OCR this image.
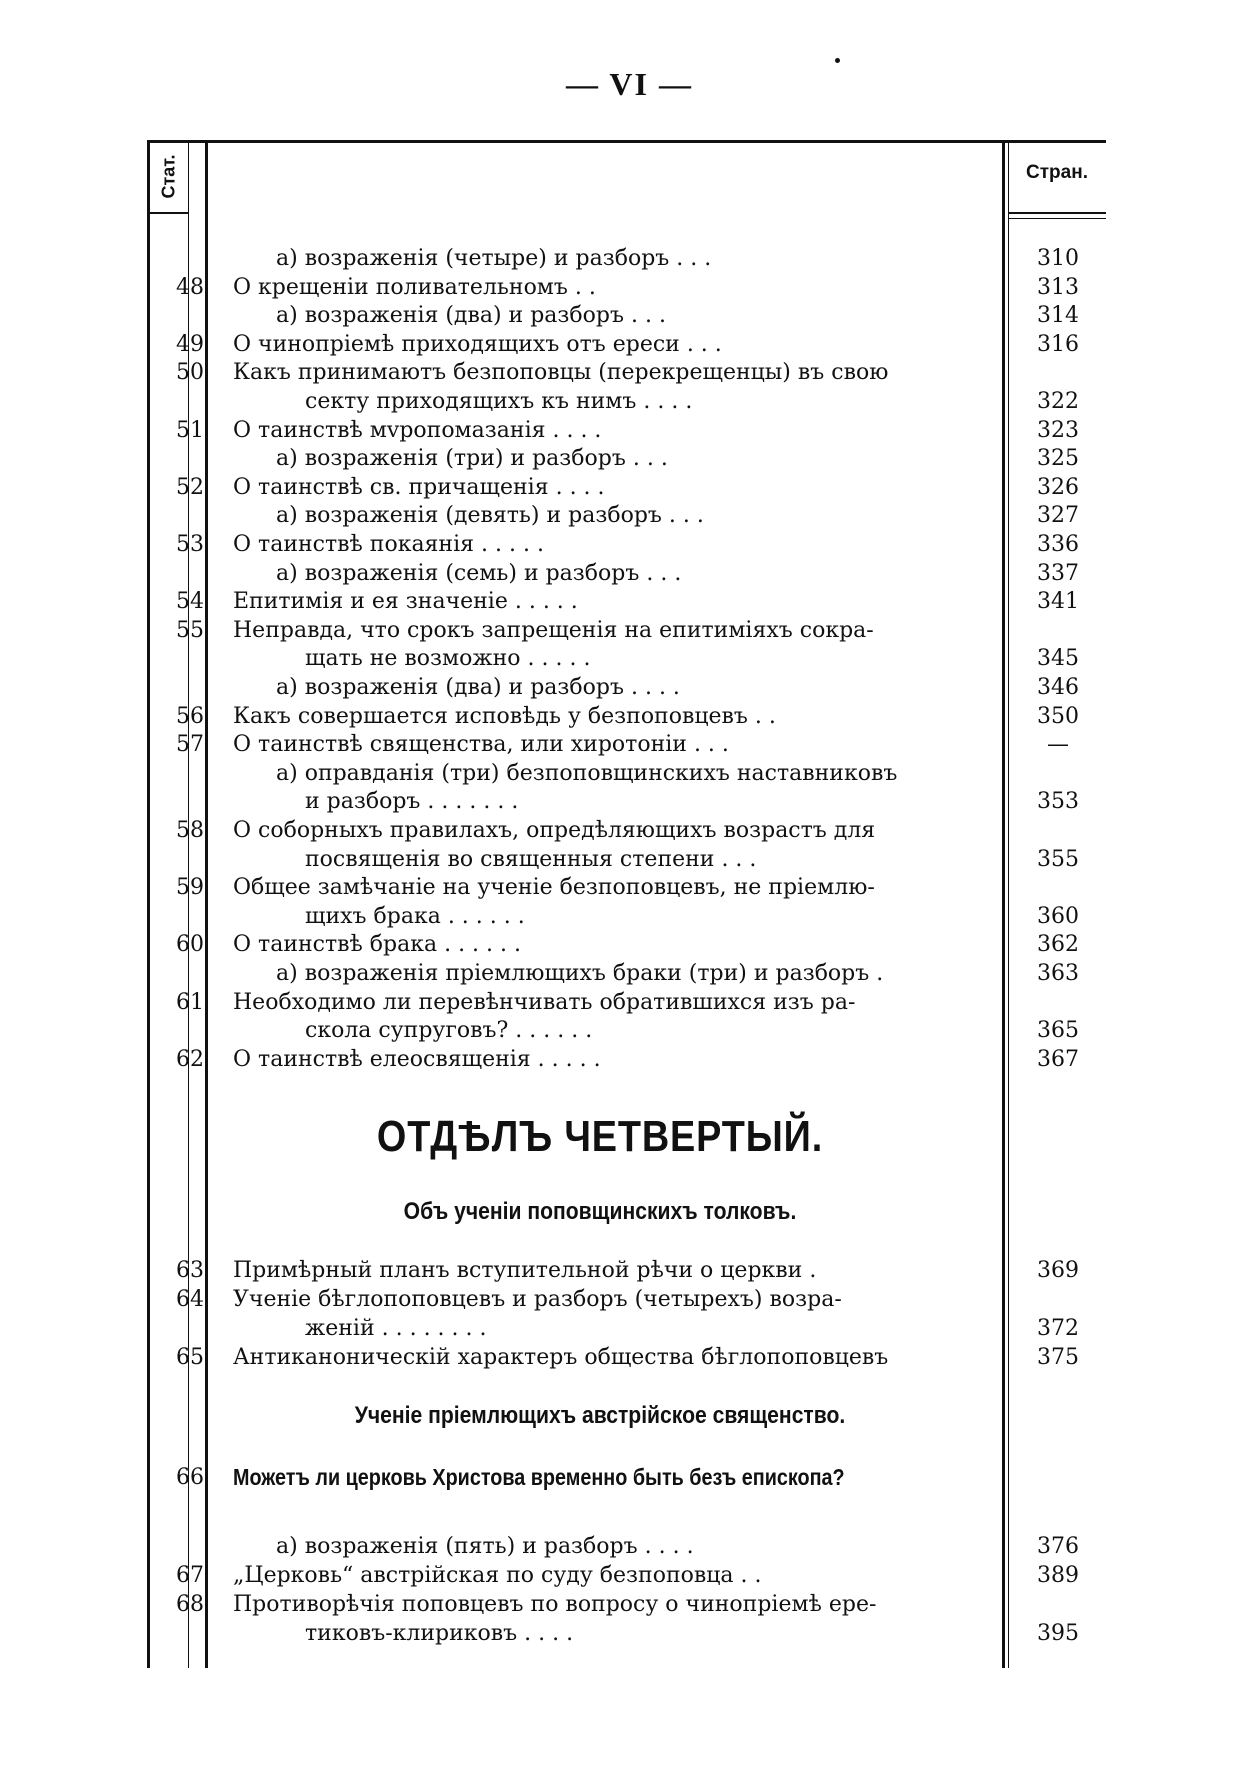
— VI —
Стат.	Стран.
а) возраженія (четыре) и разборъ . . .	310
48 О крещеніи поливательномъ . .	313
а) возраженія (два) и разборъ . . .	314
49 О чинопріемѣ приходящихъ отъ ереси . . .	316
50 Какъ принимаютъ безпоповцы (перекрещенцы) въ свою
секту приходящихъ къ нимъ . . . .	322
51 О таинствѣ мvропомазанія . . . .	323
а) возраженія (три) и разборъ . . .	325
52 О таинствѣ св. причащенія . . . .	326
а) возраженія (девять) и разборъ . . .	327
53 О таинствѣ покаянія . . . . .	336
а) возраженія (семь) и разборъ . . .	337
54 Епитимія и ея значеніе . . . . .	341
55 Неправда, что срокъ запрещенія на епитиміяхъ сокра-
щать не возможно . . . . .	345
а) возраженія (два) и разборъ . . . .	346
56 Какъ совершается исповѣдь у безпоповцевъ . .	350
57 О таинствѣ священства, или хиротоніи . . .	—
а) оправданія (три) безпоповщинскихъ наставниковъ
и разборъ . . . . . . .	353
58 О соборныхъ правилахъ, опредѣляющихъ возрастъ для
посвященія во священныя степени . . .	355
59 Общее замѣчаніе на ученіе безпоповцевъ, не пріемлю-
щихъ брака . . . . . .	360
60 О таинствѣ брака . . . . . .	362
а) возраженія пріемлющихъ браки (три) и разборъ .	363
61 Необходимо ли перевѣнчивать обратившихся изъ ра-
скола супруговъ? . . . . . .	365
62 О таинствѣ елеосвященія . . . . .	367
ОТДѢЛЪ ЧЕТВЕРТЫЙ.
Объ ученіи поповщинскихъ толковъ.
63 Примѣрный планъ вступительной рѣчи о церкви .	369
64 Ученіе бѣглопоповцевъ и разборъ (четырехъ) возра-
женій . . . . . . . .	372
65 Антиканоническій характеръ общества бѣглопоповцевъ	375
Ученіе пріемлющихъ австрійское священство.
66 Можетъ ли церковь Христова временно быть безъ епископа?
а) возраженія (пять) и разборъ . . . .	376
67 „Церковь“ австрійская по суду безпоповца . .	389
68 Противорѣчія поповцевъ по вопросу о чинопріемѣ ере-
тиковъ-клириковъ . . . .	395
